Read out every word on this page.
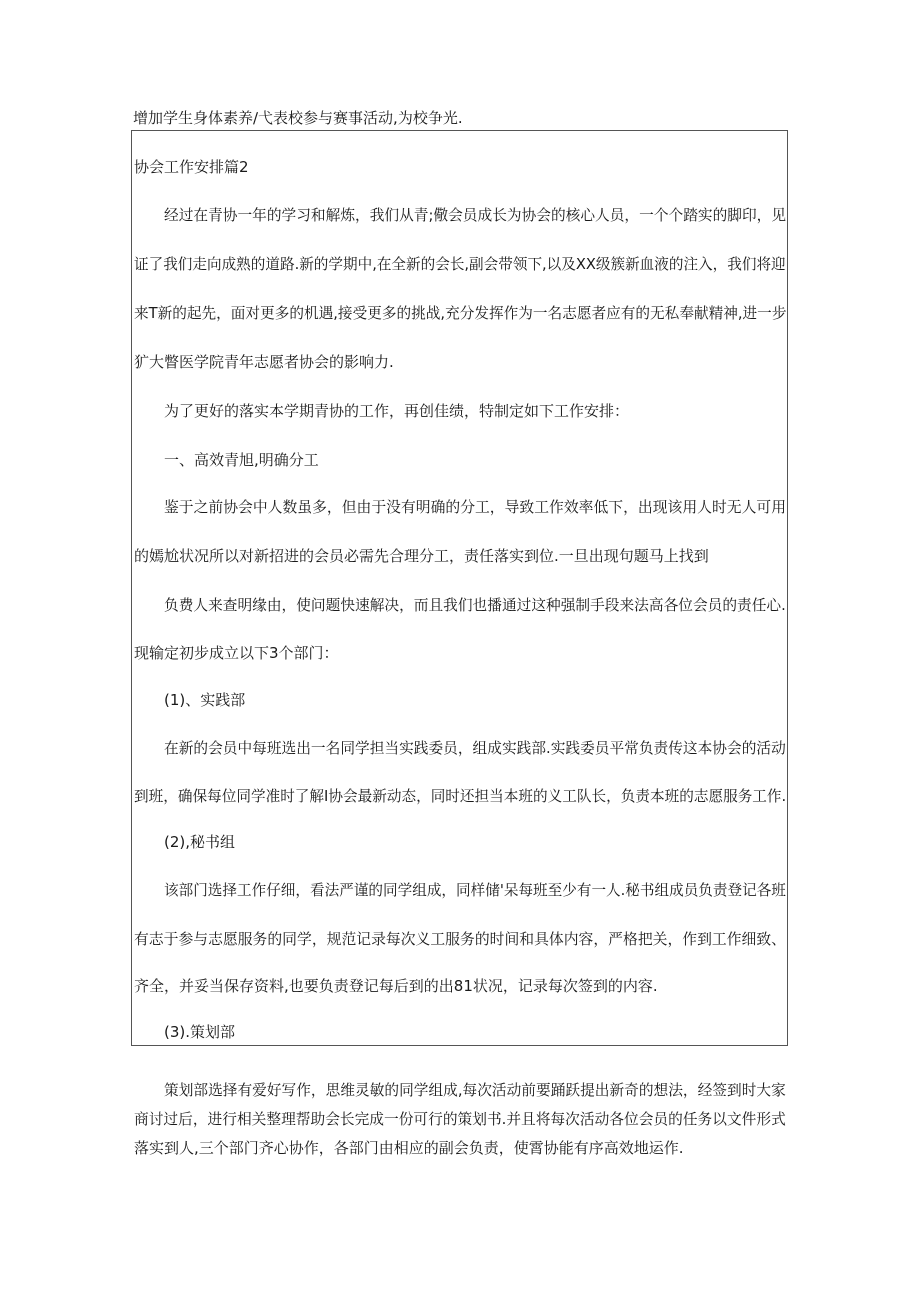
增加学生身体素养∕弋表校参与赛事活动,为校争光.
协会工作安排篇2
经过在青协一年的学习和解炼，我们从青;儆会员成长为协会的核心人员，一个个踏实的脚印，见
证了我们走向成熟的道路.新的学期中,在全新的会长,副会带领下,以及XX级簇新血液的注入，我们将迎
来T新的起先，面对更多的机遇,接受更多的挑战,充分发挥作为一名志愿者应有的无私奉献精神,进一步
犷大瞥医学院青年志愿者协会的影响力.
为了更好的落实本学期青协的工作，再创佳绩，特制定如下工作安排：
一、高效青旭,明确分工
鉴于之前协会中人数虽多，但由于没有明确的分工，导致工作效率低下，出现该用人时无人可用
的嫣尬状况所以对新招进的会员必需先合理分工，责任落实到位.一旦出现句题马上找到
负费人来查明缘由，使问题快速解决，而且我们也播通过这种强制手段来法高各位会员的责任心.
现输定初步成立以下3个部门：
(1)、实践部
在新的会员中每班选出一名同学担当实践委员，组成实践部.实践委员平常负责传这本协会的活动
到班，确保每位同学准时了解I协会最新动态，同时还担当本班的义工队长，负责本班的志愿服务工作.
(2),秘书组
该部门选择工作仔细，看法严谨的同学组成，同样储'呆每班至少有一人.秘书组成员负责登记各班
有志于参与志愿服务的同学，规范记录每次义工服务的时间和具体内容，严格把关，作到工作细致、
齐全，并妥当保存资料,也要负责登记每后到的出81状况，记录每次签到的内容.
(3).策划部
策划部选择有爱好写作，思维灵敏的同学组成,每次活动前要踊跃提出新奇的想法，经签到时大家
商讨过后，进行相关整理帮助会长完成一份可行的策划书.并且将每次活动各位会员的任务以文件形式
落实到人,三个部门齐心协作，各部门由相应的副会负责，使霄协能有序高效地运作.
